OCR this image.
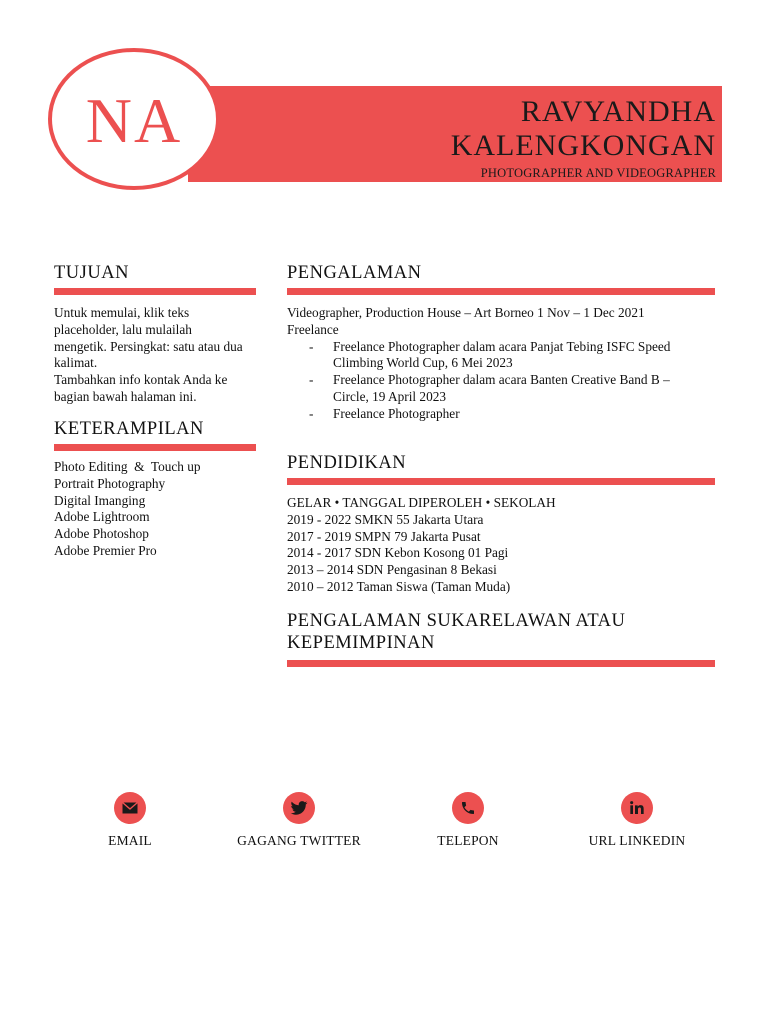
RAVYANDHA
KALENGKONGAN
PHOTOGRAPHER AND VIDEOGRAPHER
NA
TUJUAN
Untuk memulai, klik teks
placeholder, lalu mulailah
mengetik. Persingkat: satu atau dua
kalimat.
Tambahkan info kontak Anda ke
bagian bawah halaman ini.
KETERAMPILAN
Photo Editing  &  Touch up
Portrait Photography
Digital Imanging
Adobe Lightroom
Adobe Photoshop
Adobe Premier Pro
PENGALAMAN
Videographer, Production House – Art Borneo 1 Nov – 1 Dec 2021
Freelance
- Freelance Photographer dalam acara Panjat Tebing ISFC Speed
Climbing World Cup, 6 Mei 2023
- Freelance Photographer dalam acara Banten Creative Band B –
Circle, 19 April 2023
- Freelance Photographer
PENDIDIKAN
GELAR • TANGGAL DIPEROLEH • SEKOLAH
2019 - 2022 SMKN 55 Jakarta Utara
2017 - 2019 SMPN 79 Jakarta Pusat
2014 - 2017 SDN Kebon Kosong 01 Pagi
2013 – 2014 SDN Pengasinan 8 Bekasi
2010 – 2012 Taman Siswa (Taman Muda)
PENGALAMAN SUKARELAWAN ATAU
KEPEMIMPINAN
EMAIL	GAGANG TWITTER	TELEPON	URL LINKEDIN
